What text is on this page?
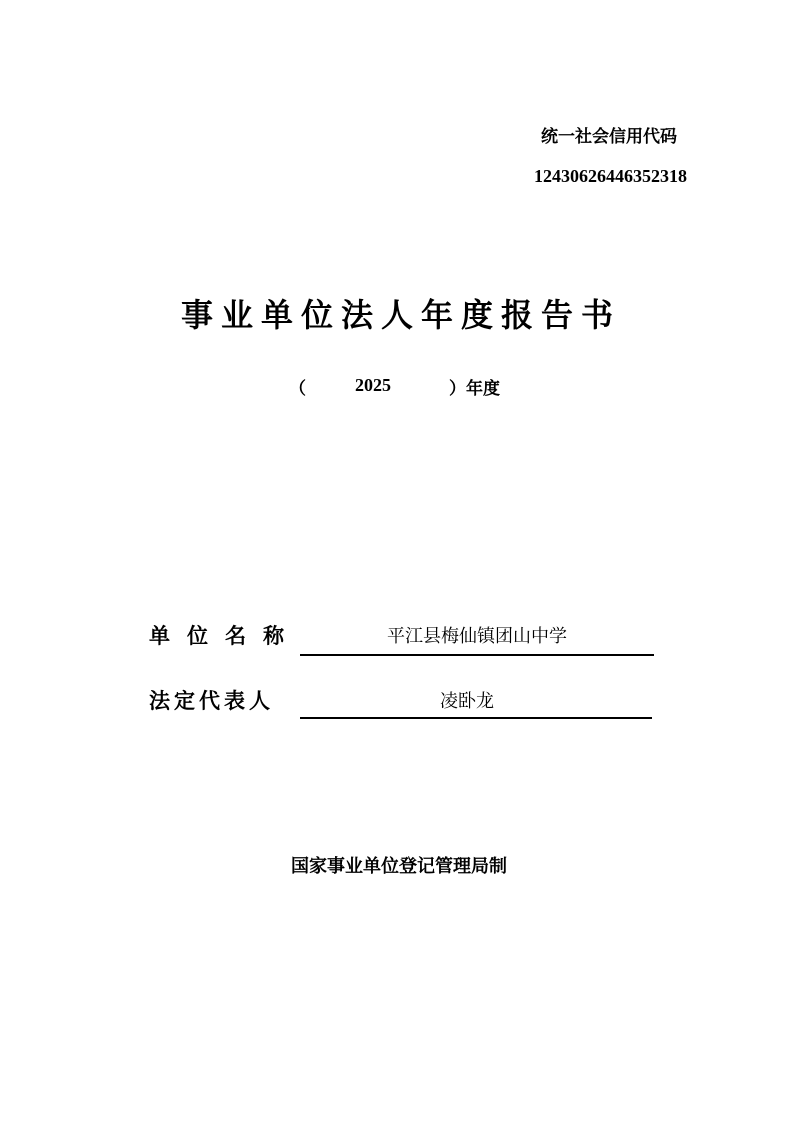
统一社会信用代码
12430626446352318
事业单位法人年度报告书
（	2025	）年度
单位名称	平江县梅仙镇团山中学
法定代表人	凌卧龙
国家事业单位登记管理局制
